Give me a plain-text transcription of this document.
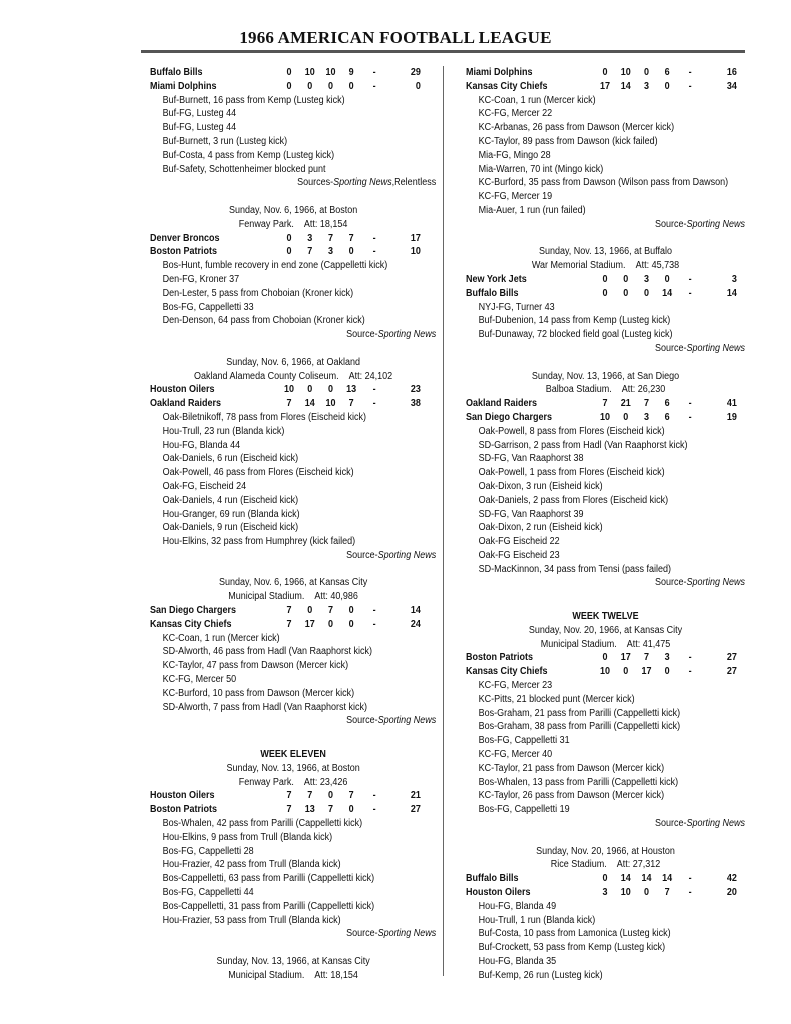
1966 AMERICAN FOOTBALL LEAGUE
Buffalo Bills	0	10	10	9	-	29
Miami Dolphins	0	0	0	0	-	0
Buf-Burnett, 16 pass from Kemp (Lusteg kick)
Buf-FG, Lusteg 44
Buf-FG, Lusteg 44
Buf-Burnett, 3 run (Lusteg kick)
Buf-Costa, 4 pass from Kemp (Lusteg kick)
Buf-Safety, Schottenheimer blocked punt
Sources-Sporting News,Relentless
Sunday, Nov. 6, 1966, at Boston
Fenway Park. Att: 18,154
Denver Broncos	0	3	7	7	-	17
Boston Patriots	0	7	3	0	-	10
Bos-Hunt, fumble recovery in end zone (Cappelletti kick)
Den-FG, Kroner 37
Den-Lester, 5 pass from Choboian (Kroner kick)
Bos-FG, Cappelletti 33
Den-Denson, 64 pass from Choboian (Kroner kick)
Source-Sporting News
Sunday, Nov. 6, 1966, at Oakland
Oakland Alameda County Coliseum. Att: 24,102
Houston Oilers	10	0	0	13	-	23
Oakland Raiders	7	14	10	7	-	38
Oak-Biletnikoff, 78 pass from Flores (Eischeid kick)
Hou-Trull, 23 run (Blanda kick)
Hou-FG, Blanda 44
Oak-Daniels, 6 run (Eischeid kick)
Oak-Powell, 46 pass from Flores (Eischeid kick)
Oak-FG, Eischeid 24
Oak-Daniels, 4 run (Eischeid kick)
Hou-Granger, 69 run (Blanda kick)
Oak-Daniels, 9 run (Eischeid kick)
Hou-Elkins, 32 pass from Humphrey (kick failed)
Source-Sporting News
Sunday, Nov. 6, 1966, at Kansas City
Municipal Stadium. Att: 40,986
San Diego Chargers	7	0	7	0	-	14
Kansas City Chiefs	7	17	0	0	-	24
KC-Coan, 1 run (Mercer kick)
SD-Alworth, 46 pass from Hadl (Van Raaphorst kick)
KC-Taylor, 47 pass from Dawson (Mercer kick)
KC-FG, Mercer 50
KC-Burford, 10 pass from Dawson (Mercer kick)
SD-Alworth, 7 pass from Hadl (Van Raaphorst kick)
Source-Sporting News
WEEK ELEVEN
Sunday, Nov. 13, 1966, at Boston
Fenway Park. Att: 23,426
Houston Oilers	7	7	0	7	-	21
Boston Patriots	7	13	7	0	-	27
Bos-Whalen, 42 pass from Parilli (Cappelletti kick)
Hou-Elkins, 9 pass from Trull (Blanda kick)
Bos-FG, Cappelletti 28
Hou-Frazier, 42 pass from Trull (Blanda kick)
Bos-Cappelletti, 63 pass from Parilli (Cappelletti kick)
Bos-FG, Cappelletti 44
Bos-Cappelletti, 31 pass from Parilli (Cappelletti kick)
Hou-Frazier, 53 pass from Trull (Blanda kick)
Source-Sporting News
Sunday, Nov. 13, 1966, at Kansas City
Municipal Stadium. Att: 18,154
Miami Dolphins	0	10	0	6	-	16
Kansas City Chiefs	17	14	3	0	-	34
KC-Coan, 1 run (Mercer kick)
KC-FG, Mercer 22
KC-Arbanas, 26 pass from Dawson (Mercer kick)
KC-Taylor, 89 pass from Dawson (kick failed)
Mia-FG, Mingo 28
Mia-Warren, 70 int (Mingo kick)
KC-Burford, 35 pass from Dawson (Wilson pass from Dawson)
KC-FG, Mercer 19
Mia-Auer, 1 run (run failed)
Source-Sporting News
Sunday, Nov. 13, 1966, at Buffalo
War Memorial Stadium. Att: 45,738
New York Jets	0	0	3	0	-	3
Buffalo Bills	0	0	0	14	-	14
NYJ-FG, Turner 43
Buf-Dubenion, 14 pass from Kemp (Lusteg kick)
Buf-Dunaway, 72 blocked field goal (Lusteg kick)
Source-Sporting News
Sunday, Nov. 13, 1966, at San Diego
Balboa Stadium. Att: 26,230
Oakland Raiders	7	21	7	6	-	41
San Diego Chargers	10	0	3	6	-	19
Oak-Powell, 8 pass from Flores (Eischeid kick)
SD-Garrison, 2 pass from Hadl (Van Raaphorst kick)
SD-FG, Van Raaphorst 38
Oak-Powell, 1 pass from Flores (Eischeid kick)
Oak-Dixon, 3 run (Eisheid kick)
Oak-Daniels, 2 pass from Flores (Eischeid kick)
SD-FG, Van Raaphorst 39
Oak-Dixon, 2 run (Eisheid kick)
Oak-FG Eischeid 22
Oak-FG Eischeid 23
SD-MacKinnon, 34 pass from Tensi (pass failed)
Source-Sporting News
WEEK TWELVE
Sunday, Nov. 20, 1966, at Kansas City
Municipal Stadium. Att: 41,475
Boston Patriots	0	17	7	3	-	27
Kansas City Chiefs	10	0	17	0	-	27
KC-FG, Mercer 23
KC-Pitts, 21 blocked punt (Mercer kick)
Bos-Graham, 21 pass from Parilli (Cappelletti kick)
Bos-Graham, 38 pass from Parilli (Cappelletti kick)
Bos-FG, Cappelletti 31
KC-FG, Mercer 40
KC-Taylor, 21 pass from Dawson (Mercer kick)
Bos-Whalen, 13 pass from Parilli (Cappelletti kick)
KC-Taylor, 26 pass from Dawson (Mercer kick)
Bos-FG, Cappelletti 19
Source-Sporting News
Sunday, Nov. 20, 1966, at Houston
Rice Stadium. Att: 27,312
Buffalo Bills	0	14	14	14	-	42
Houston Oilers	3	10	0	7	-	20
Hou-FG, Blanda 49
Hou-Trull, 1 run (Blanda kick)
Buf-Costa, 10 pass from Lamonica (Lusteg kick)
Buf-Crockett, 53 pass from Kemp (Lusteg kick)
Hou-FG, Blanda 35
Buf-Kemp, 26 run (Lusteg kick)
